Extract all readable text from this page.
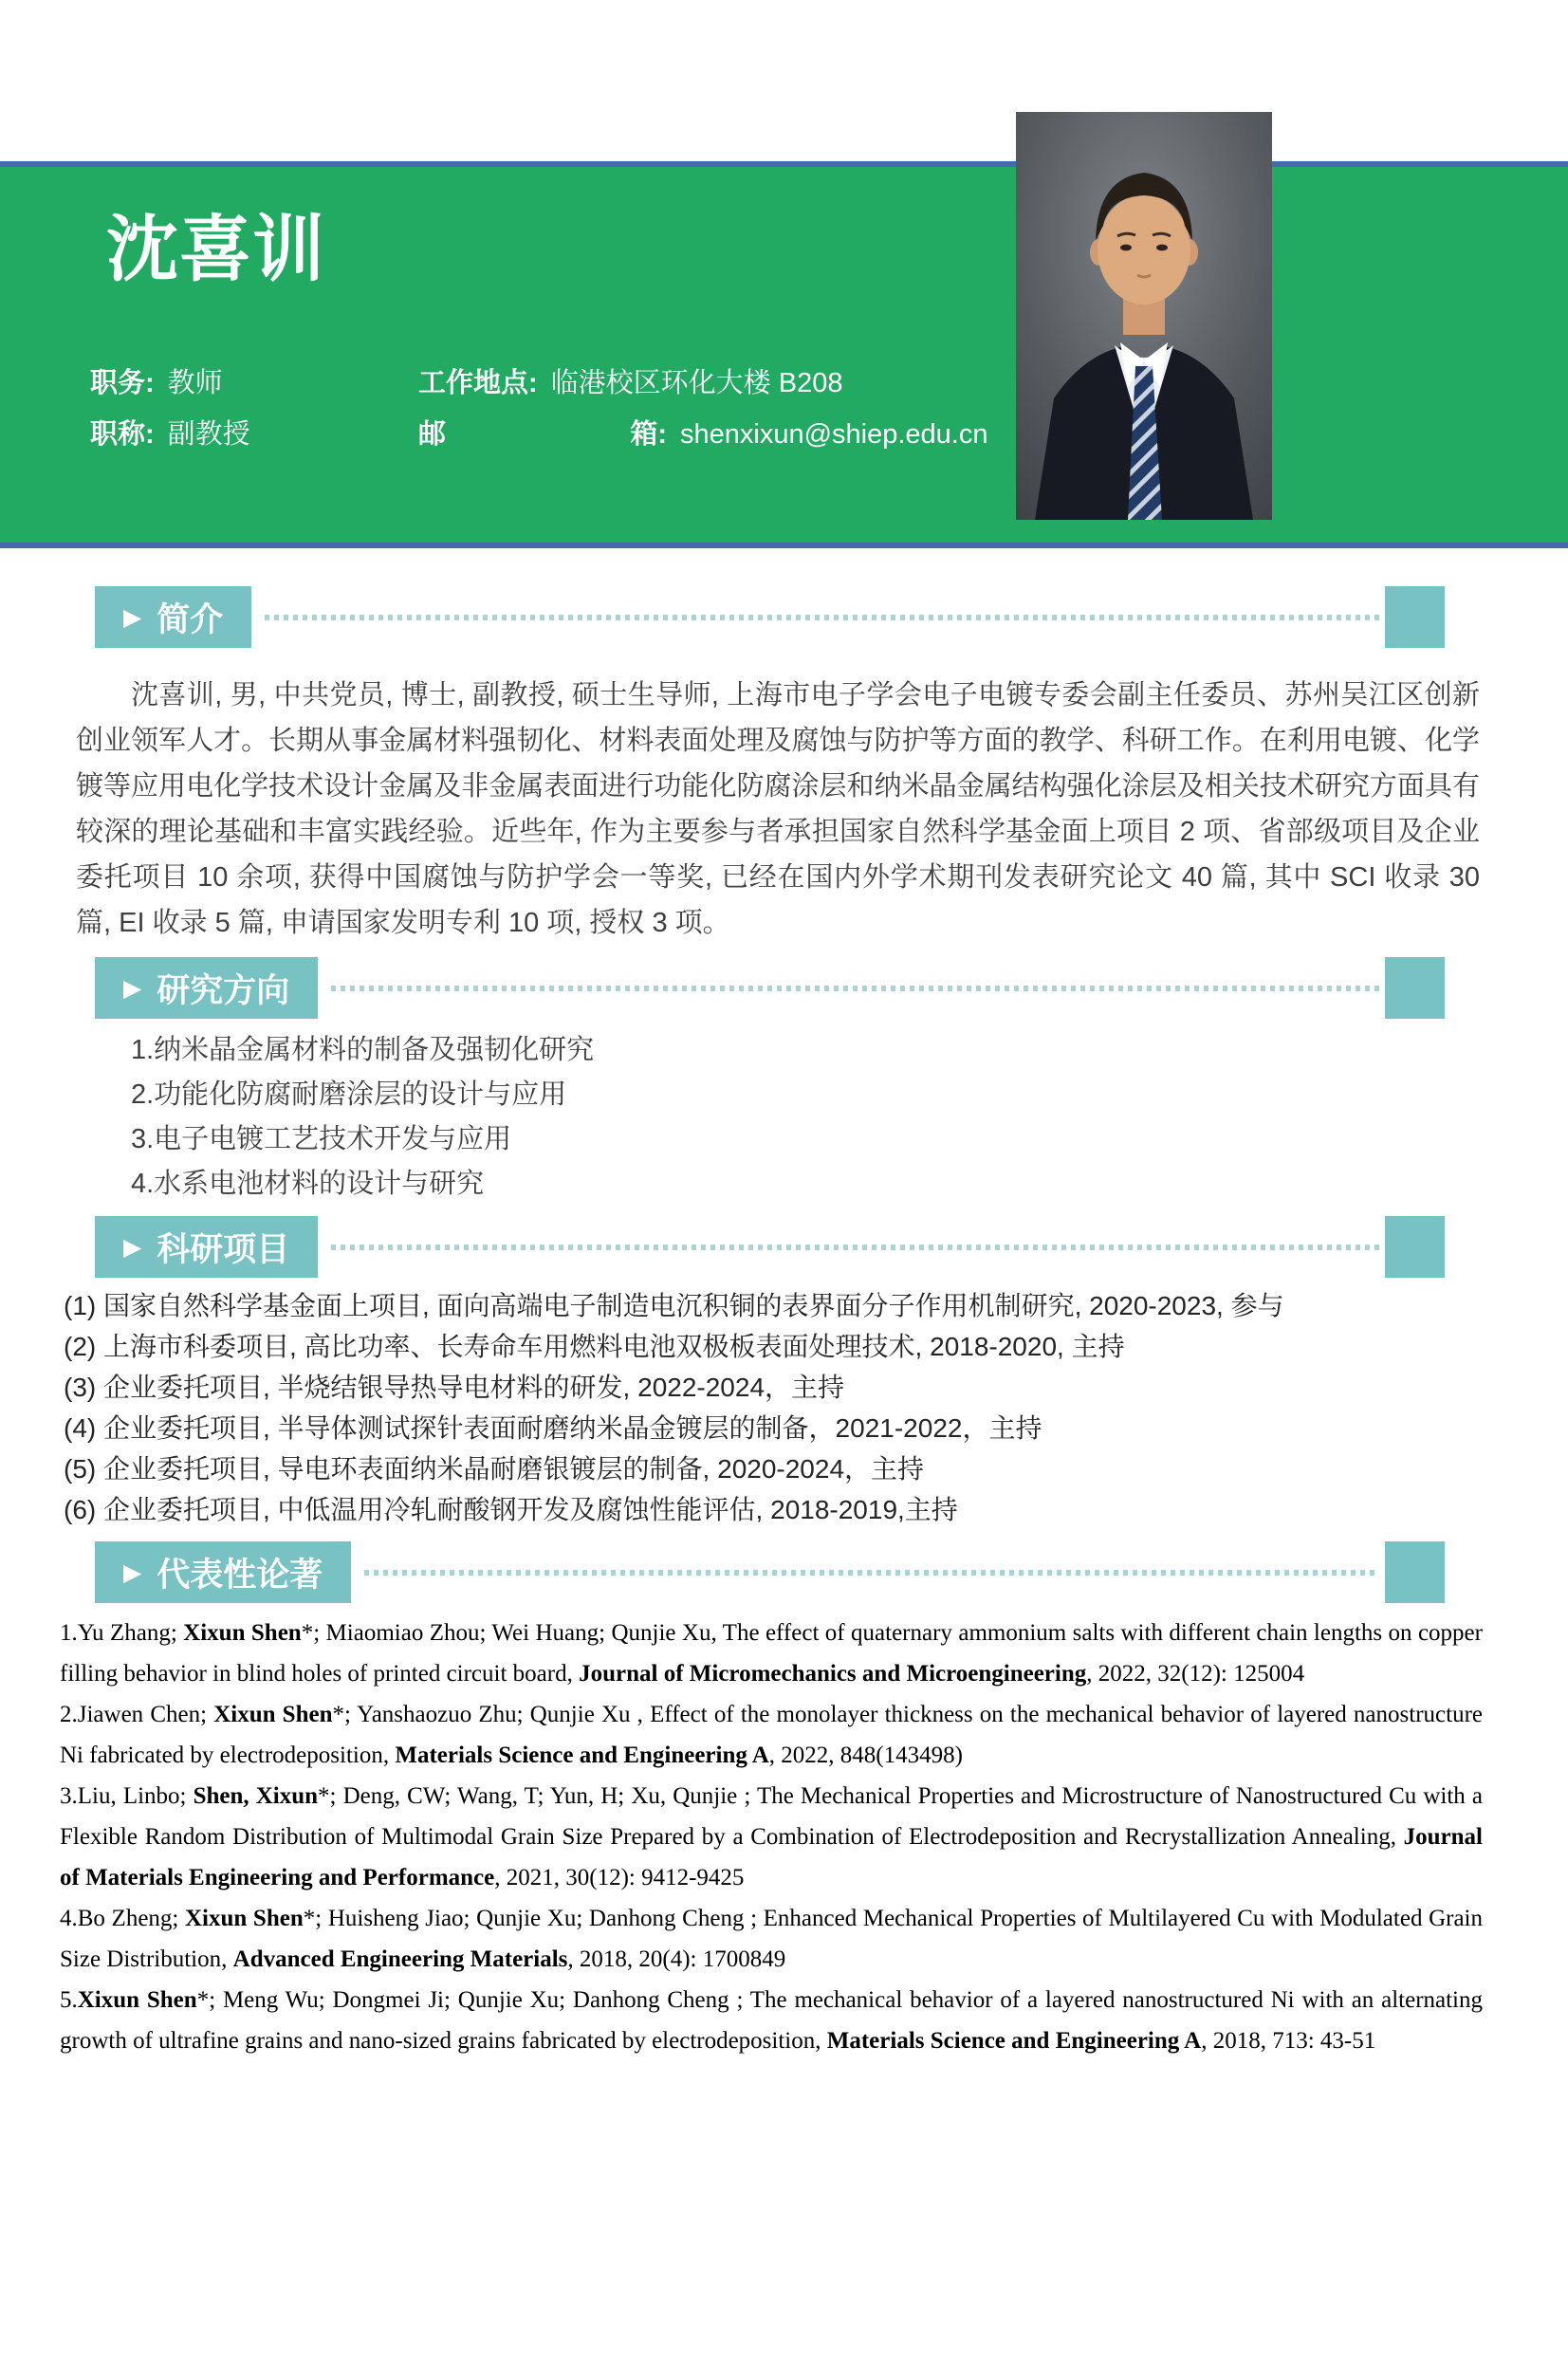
沈喜训
职务: 教师	工作地点: 临港校区环化大楼 B208
职称: 副教授	邮	箱: shenxixun@shiep.edu.cn
▶ 简介

沈喜训, 男, 中共党员, 博士, 副教授, 硕士生导师, 上海市电子学会电子电镀专委会副主任委员、苏州吴江区创新创业领军人才。长期从事金属材料强韧化、材料表面处理及腐蚀与防护等方面的教学、科研工作。在利用电镀、化学镀等应用电化学技术设计金属及非金属表面进行功能化防腐涂层和纳米晶金属结构强化涂层及相关技术研究方面具有较深的理论基础和丰富实践经验。近些年, 作为主要参与者承担国家自然科学基金面上项目 2 项、省部级项目及企业委托项目 10 余项, 获得中国腐蚀与防护学会一等奖, 已经在国内外学术期刊发表研究论文 40 篇, 其中 SCI 收录 30 篇, EI 收录 5 篇, 申请国家发明专利 10 项, 授权 3 项。

▶ 研究方向
1.纳米晶金属材料的制备及强韧化研究
2.功能化防腐耐磨涂层的设计与应用
3.电子电镀工艺技术开发与应用
4.水系电池材料的设计与研究
▶ 科研项目
(1) 国家自然科学基金面上项目, 面向高端电子制造电沉积铜的表界面分子作用机制研究, 2020-2023, 参与
(2) 上海市科委项目, 高比功率、长寿命车用燃料电池双极板表面处理技术, 2018-2020, 主持
(3) 企业委托项目, 半烧结银导热导电材料的研发, 2022-2024，主持
(4) 企业委托项目, 半导体测试探针表面耐磨纳米晶金镀层的制备，2021-2022，主持
(5) 企业委托项目, 导电环表面纳米晶耐磨银镀层的制备, 2020-2024，主持
(6) 企业委托项目, 中低温用冷轧耐酸钢开发及腐蚀性能评估, 2018-2019,主持
▶ 代表性论著

1.Yu Zhang; Xixun Shen*; Miaomiao Zhou; Wei Huang; Qunjie Xu, The effect of quaternary ammonium salts with different chain lengths on copper filling behavior in blind holes of printed circuit board, Journal of Micromechanics and Microengineering, 2022, 32(12): 125004

2.Jiawen Chen; Xixun Shen*; Yanshaozuo Zhu; Qunjie Xu , Effect of the monolayer thickness on the mechanical behavior of layered nanostructure Ni fabricated by electrodeposition, Materials Science and Engineering A, 2022, 848(143498)

3.Liu, Linbo; Shen, Xixun*; Deng, CW; Wang, T; Yun, H; Xu, Qunjie ; The Mechanical Properties and Microstructure of Nanostructured Cu with a Flexible Random Distribution of Multimodal Grain Size Prepared by a Combination of Electrodeposition and Recrystallization Annealing, Journal of Materials Engineering and Performance, 2021, 30(12): 9412-9425

4.Bo Zheng; Xixun Shen*; Huisheng Jiao; Qunjie Xu; Danhong Cheng ; Enhanced Mechanical Properties of Multilayered Cu with Modulated Grain Size Distribution, Advanced Engineering Materials, 2018, 20(4): 1700849

5.Xixun Shen*; Meng Wu; Dongmei Ji; Qunjie Xu; Danhong Cheng ; The mechanical behavior of a layered nanostructured Ni with an alternating growth of ultrafine grains and nano-sized grains fabricated by electrodeposition, Materials Science and Engineering A, 2018, 713: 43-51
